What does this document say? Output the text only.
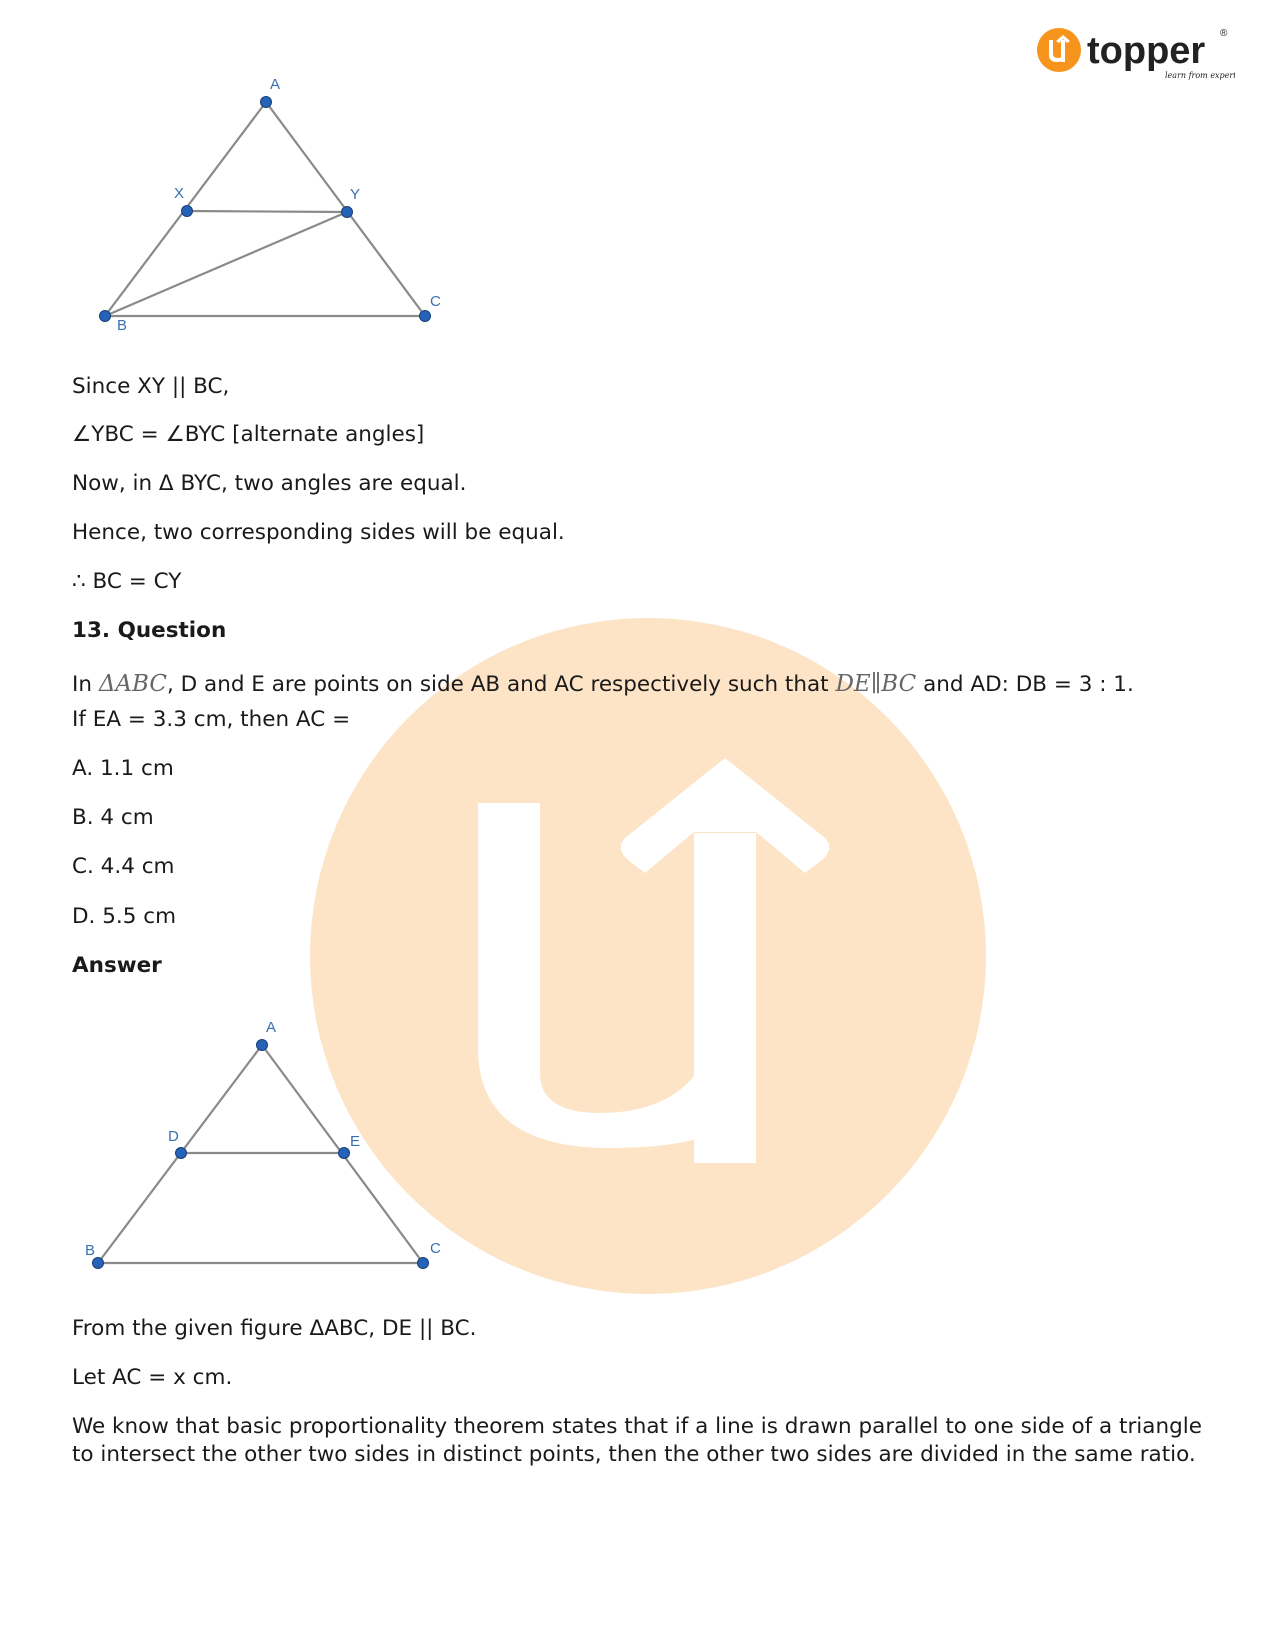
topper ®
learn from experts
A
B
C
X	Y

Since XY || BC,

∠YBC = ∠BYC [alternate angles]

Now, in Δ BYC, two angles are equal.

Hence, two corresponding sides will be equal.

∴ BC = CY

13. Question

In ΔABC, D and E are points on side AB and AC respectively such that DE∥BC and AD: DB = 3 : 1.

If EA = 3.3 cm, then AC =

A. 1.1 cm

B. 4 cm

C. 4.4 cm

D. 5.5 cm

Answer

A
B	C
D	E

From the given figure ΔABC, DE || BC.

Let AC = x cm.

We know that basic proportionality theorem states that if a line is drawn parallel to one side of a triangle to intersect the other two sides in distinct points, then the other two sides are divided in the same ratio.
